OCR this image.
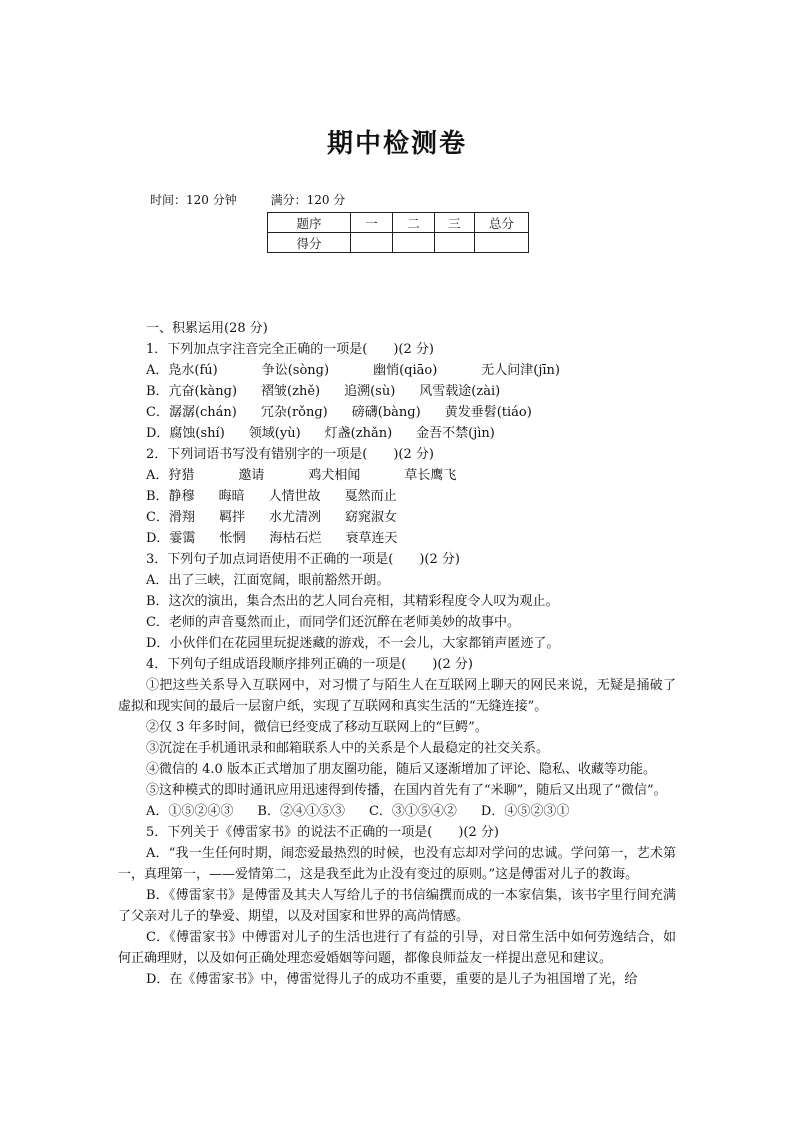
期中检测卷
时间：120 分钟	满分：120 分
题序	一	二	三	总分
得分				

一、积累运用(28 分)

1．下列加点字注音完全正确的一项是(　　)(2 分)

A．凫水(fú)	争讼(sònɡ)	幽悄(qiāo)	无人问津(jīn)

B．亢奋(kànɡ) 褶皱(zhě) 追溯(sù) 风雪载途(zài)

C．潺潺(chán) 冗杂(rǒnɡ) 磅礴(bànɡ) 黄发垂髫(tiáo)

D．腐蚀(shí) 领域(yù) 灯盏(zhǎn) 金吾不禁(jìn)

2．下列词语书写没有错别字的一项是(　　)(2 分)

A．狩猎	邀请	鸡犬相闻	草长鹰飞

B．静穆 晦暗 人情世故 戛然而止

C．滑翔 羁拌 水尤清冽 窈窕淑女

D．霎霭 怅惘 海枯石烂 衰草连天

3．下列句子加点词语使用不正确的一项是(　　)(2 分)

A．出了三峡，江面宽阔，眼前豁然开朗。

B．这次的演出，集合杰出的艺人同台亮相，其精彩程度令人叹为观止。

C．老师的声音戛然而止，而同学们还沉醉在老师美妙的故事中。

D．小伙伴们在花园里玩捉迷藏的游戏，不一会儿，大家都销声匿迹了。

4．下列句子组成语段顺序排列正确的一项是(　　)(2 分)

①把这些关系导入互联网中，对习惯了与陌生人在互联网上聊天的网民来说，无疑是捅破了虚拟和现实间的最后一层窗户纸，实现了互联网和真实生活的“无缝连接”。

②仅 3 年多时间，微信已经变成了移动互联网上的“巨鳄”。

③沉淀在手机通讯录和邮箱联系人中的关系是个人最稳定的社交关系。

④微信的 4.0 版本正式增加了朋友圈功能，随后又逐渐增加了评论、隐私、收藏等功能。

⑤这种模式的即时通讯应用迅速得到传播，在国内首先有了“米聊”，随后又出现了“微信”。

A．①⑤②④③ B．②④①⑤③ C．③①⑤④② D．④⑤②③①

5．下列关于《傅雷家书》的说法不正确的一项是(　　)(2 分)

A．“我一生任何时期，闹恋爱最热烈的时候，也没有忘却对学问的忠诚。学问第一，艺术第一，真理第一，——爱情第二，这是我至此为止没有变过的原则。”这是傅雷对儿子的教诲。

B．《傅雷家书》是傅雷及其夫人写给儿子的书信编撰而成的一本家信集，该书字里行间充满了父亲对儿子的挚爱、期望，以及对国家和世界的高尚情感。

C．《傅雷家书》中傅雷对儿子的生活也进行了有益的引导，对日常生活中如何劳逸结合，如何正确理财，以及如何正确处理恋爱婚姻等问题，都像良师益友一样提出意见和建议。

D．在《傅雷家书》中，傅雷觉得儿子的成功不重要，重要的是儿子为祖国增了光，给
